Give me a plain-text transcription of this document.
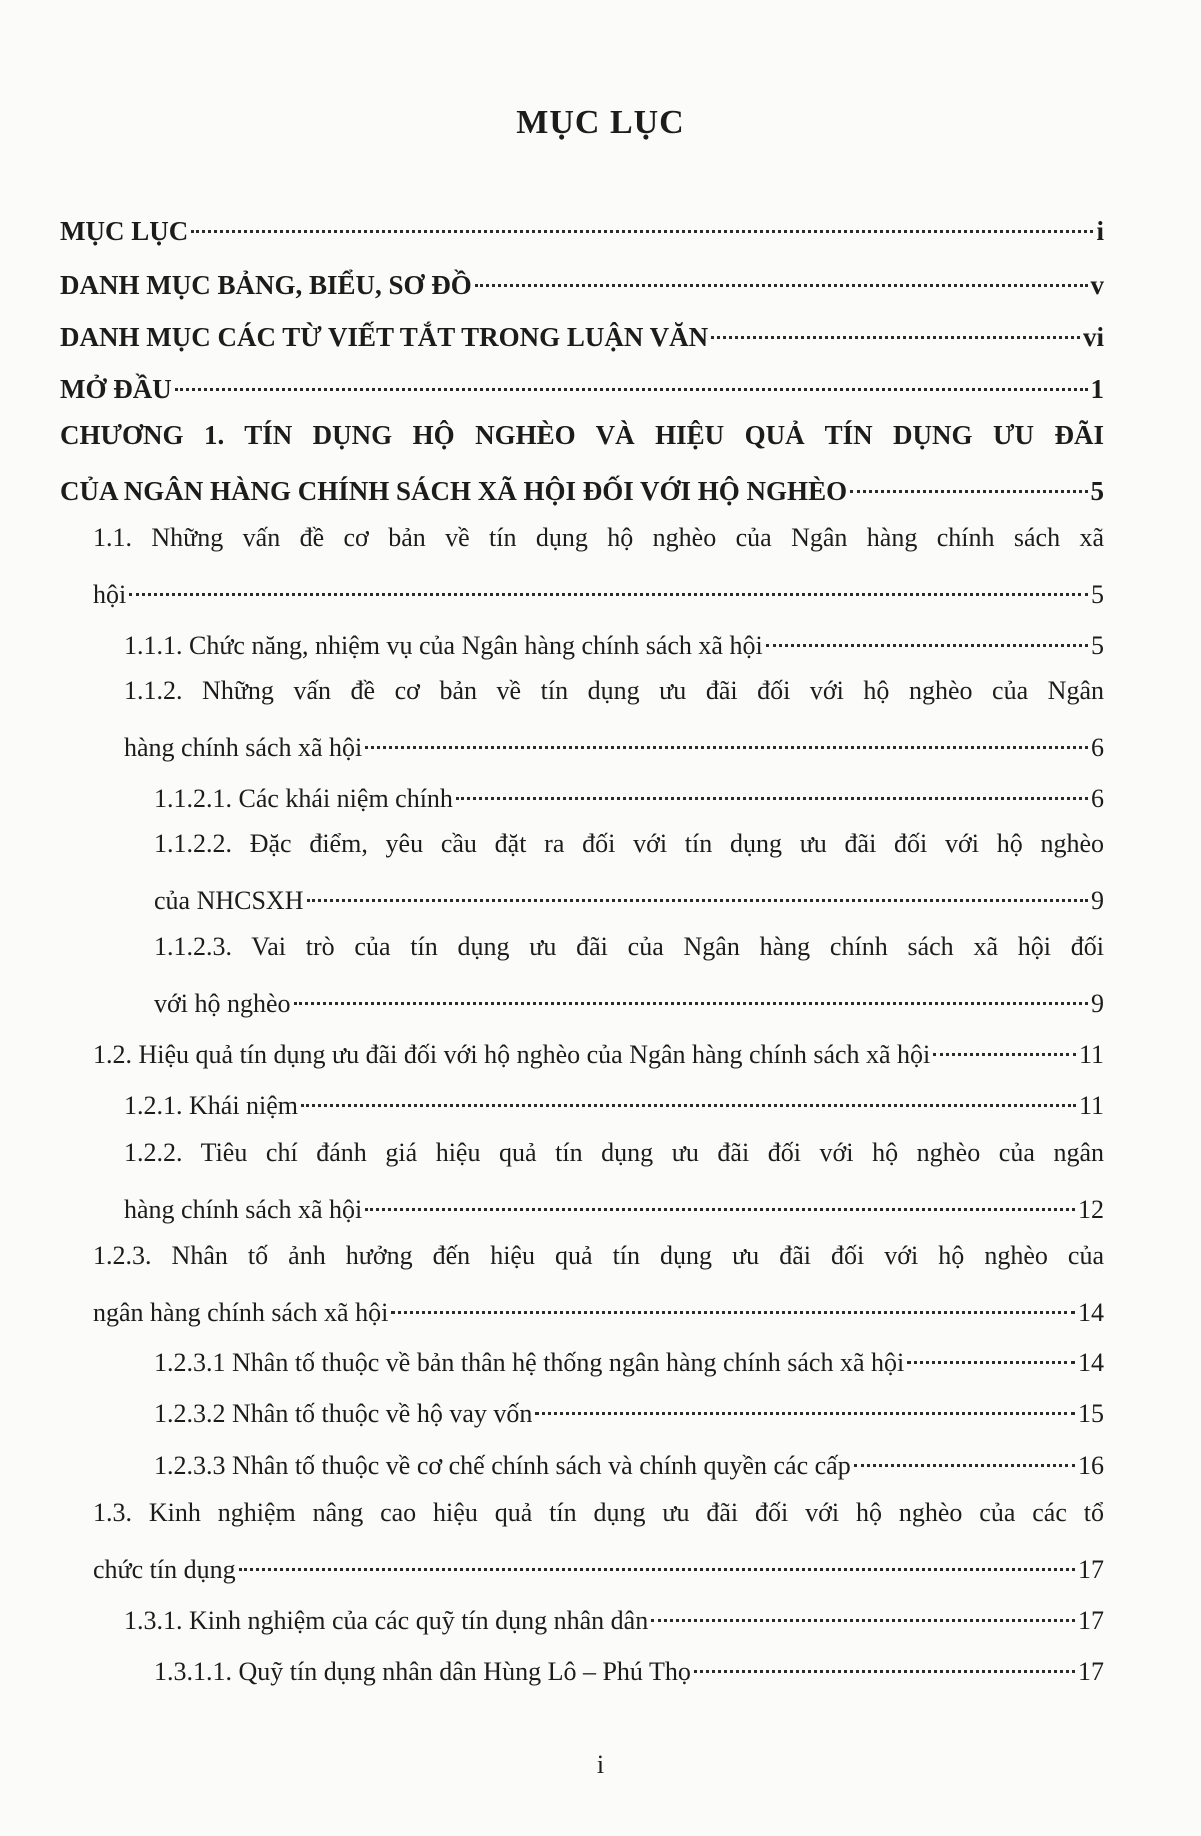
MỤC LỤC
MỤC LỤC	i
DANH MỤC BẢNG, BIỂU, SƠ ĐỒ	v
DANH MỤC CÁC TỪ VIẾT TẮT TRONG LUẬN VĂN	vi
MỞ ĐẦU	1
CHƯƠNG 1. TÍN DỤNG HỘ NGHÈO VÀ HIỆU QUẢ TÍN DỤNG ƯU ĐÃI
CỦA NGÂN HÀNG CHÍNH SÁCH XÃ HỘI ĐỐI VỚI HỘ NGHÈO	5
1.1. Những vấn đề cơ bản về tín dụng hộ nghèo của Ngân hàng chính sách xã
hội	5
1.1.1. Chức năng, nhiệm vụ của Ngân hàng chính sách xã hội	5
1.1.2. Những vấn đề cơ bản về tín dụng ưu đãi đối với hộ nghèo của Ngân
hàng chính sách xã hội	6
1.1.2.1. Các khái niệm chính	6
1.1.2.2. Đặc điểm, yêu cầu đặt ra đối với tín dụng ưu đãi đối với hộ nghèo
của NHCSXH	9
1.1.2.3. Vai trò của tín dụng ưu đãi của Ngân hàng chính sách xã hội đối
với hộ nghèo	9
1.2. Hiệu quả tín dụng ưu đãi đối với hộ nghèo của Ngân hàng chính sách xã hội	11
1.2.1. Khái niệm	11
1.2.2. Tiêu chí đánh giá hiệu quả tín dụng ưu đãi đối với hộ nghèo của ngân
hàng chính sách xã hội	12
1.2.3. Nhân tố ảnh hưởng đến hiệu quả tín dụng ưu đãi đối với hộ nghèo của
ngân hàng chính sách xã hội	14
1.2.3.1 Nhân tố thuộc về bản thân hệ thống ngân hàng chính sách xã hội	14
1.2.3.2 Nhân tố thuộc về hộ vay vốn	15
1.2.3.3 Nhân tố thuộc về cơ chế chính sách và chính quyền các cấp	16
1.3. Kinh nghiệm nâng cao hiệu quả tín dụng ưu đãi đối với hộ nghèo của các tổ
chức tín dụng	17
1.3.1. Kinh nghiệm của các quỹ tín dụng nhân dân	17
1.3.1.1. Quỹ tín dụng nhân dân Hùng Lô – Phú Thọ	17
i
